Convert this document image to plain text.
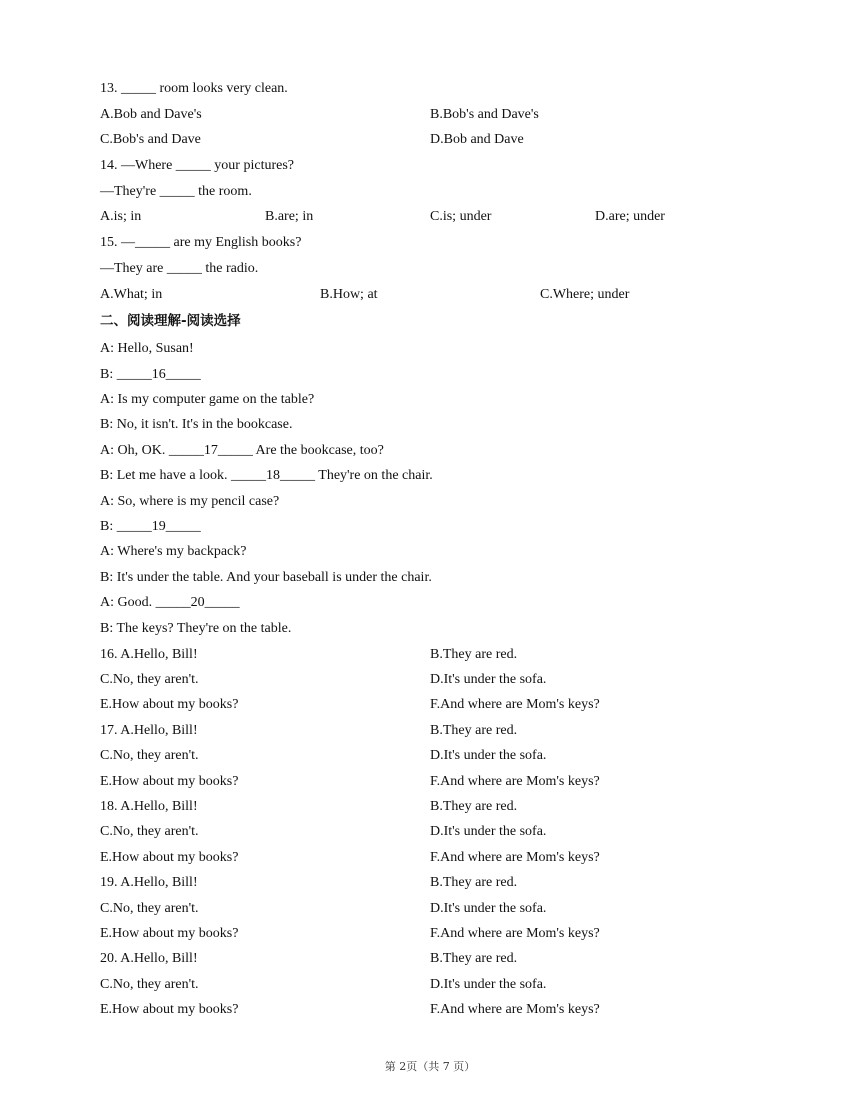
13. _____ room looks very clean.
A.Bob and Dave's	B.Bob's and Dave's
C.Bob's and Dave	D.Bob and Dave
14. —Where _____ your pictures?
—They're _____ the room.
A.is; in	B.are; in	C.is; under	D.are; under
15. —_____ are my English books?
—They are _____ the radio.
A.What; in	B.How; at	C.Where; under
二、阅读理解-阅读选择
A: Hello, Susan!
B: _____16_____
A: Is my computer game on the table?
B: No, it isn't. It's in the bookcase.
A: Oh, OK. _____17_____ Are the bookcase, too?
B: Let me have a look. _____18_____ They're on the chair.
A: So, where is my pencil case?
B: _____19_____
A: Where's my backpack?
B: It's under the table. And your baseball is under the chair.
A: Good. _____20_____
B: The keys? They're on the table.
16. A.Hello, Bill!	B.They are red.
C.No, they aren't.	D.It's under the sofa.
E.How about my books?	F.And where are Mom's keys?
17. A.Hello, Bill!	B.They are red.
C.No, they aren't.	D.It's under the sofa.
E.How about my books?	F.And where are Mom's keys?
18. A.Hello, Bill!	B.They are red.
C.No, they aren't.	D.It's under the sofa.
E.How about my books?	F.And where are Mom's keys?
19. A.Hello, Bill!	B.They are red.
C.No, they aren't.	D.It's under the sofa.
E.How about my books?	F.And where are Mom's keys?
20. A.Hello, Bill!	B.They are red.
C.No, they aren't.	D.It's under the sofa.
E.How about my books?	F.And where are Mom's keys?
第 2页（共 7 页）
